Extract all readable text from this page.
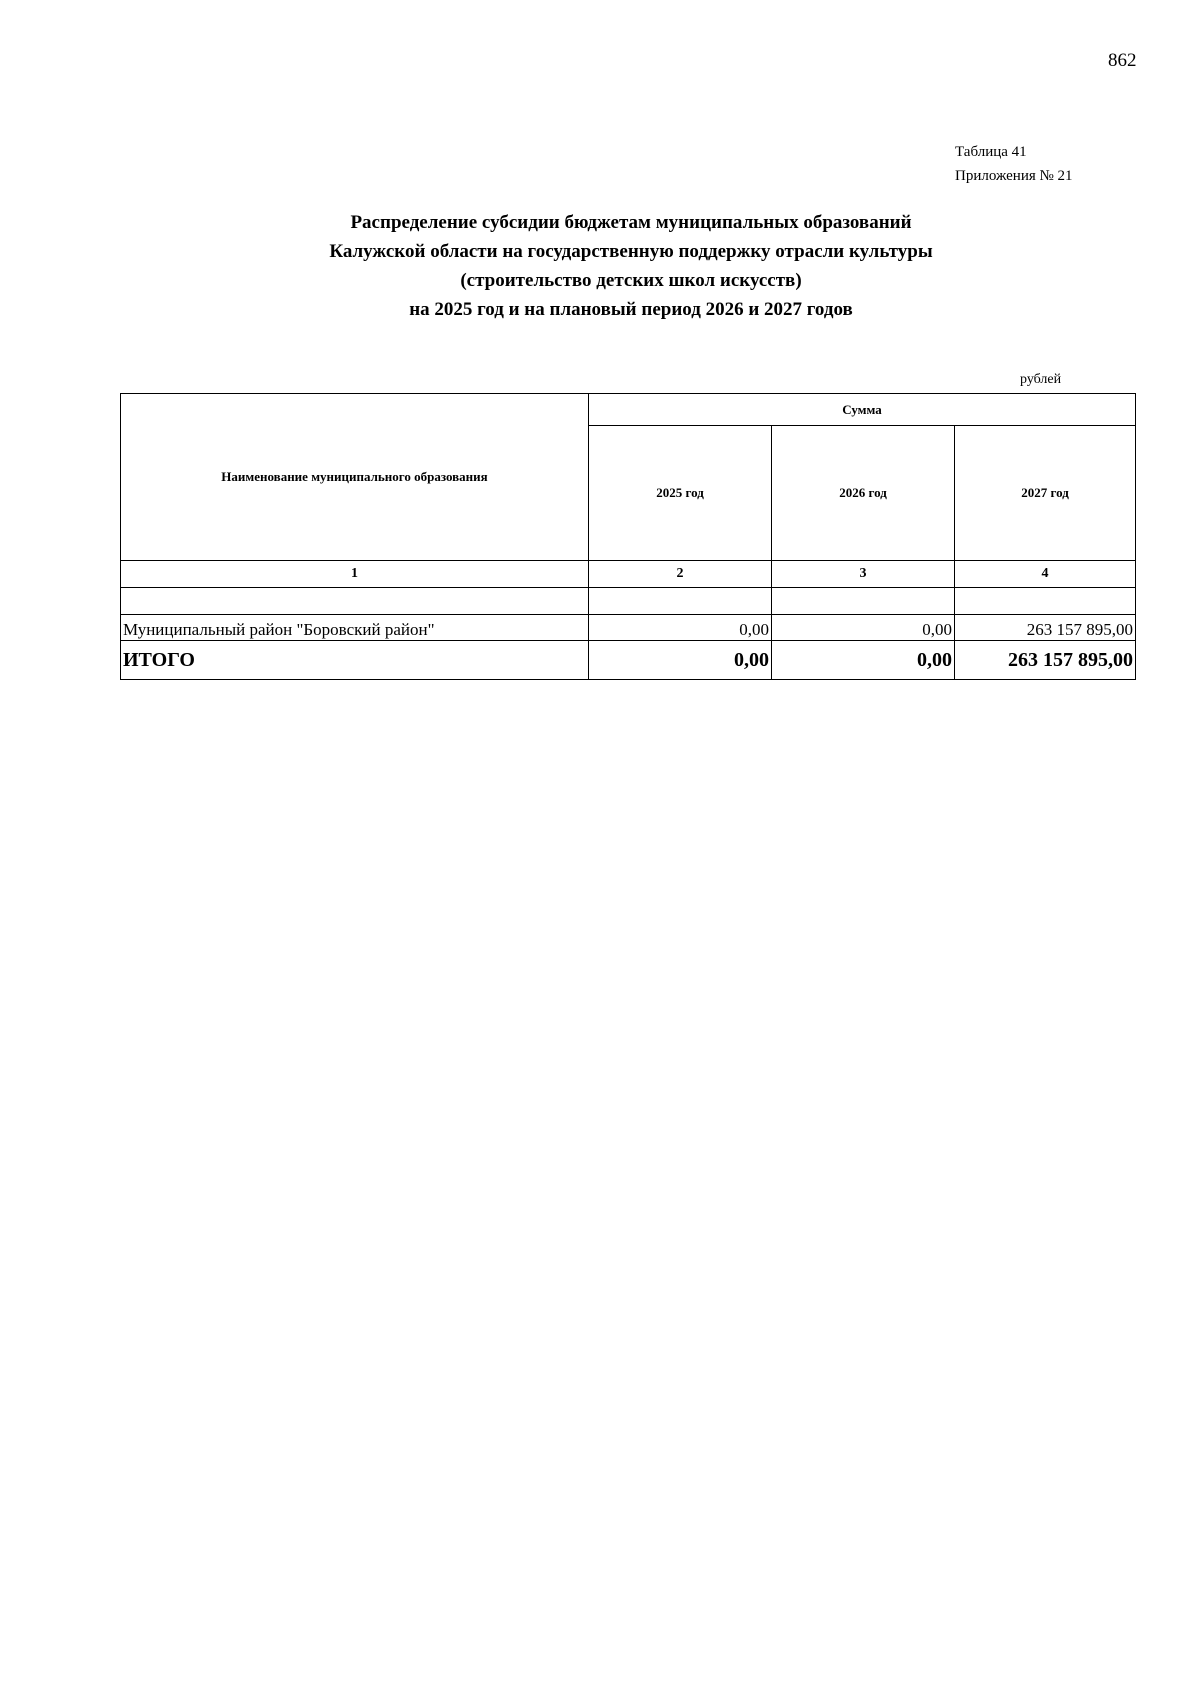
862
Таблица 41
Приложения № 21
Распределение субсидии бюджетам муниципальных образований
Калужской области на государственную поддержку отрасли культуры
(строительство детских школ искусств)
на 2025 год и на плановый период 2026 и 2027 годов
рублей
Наименование муниципального образования	Сумма		
	2025 год	2026 год	2027 год
1	2	3	4

Муниципальный район "Боровский район"	0,00	0,00	263 157 895,00
ИТОГО	0,00	0,00	263 157 895,00
